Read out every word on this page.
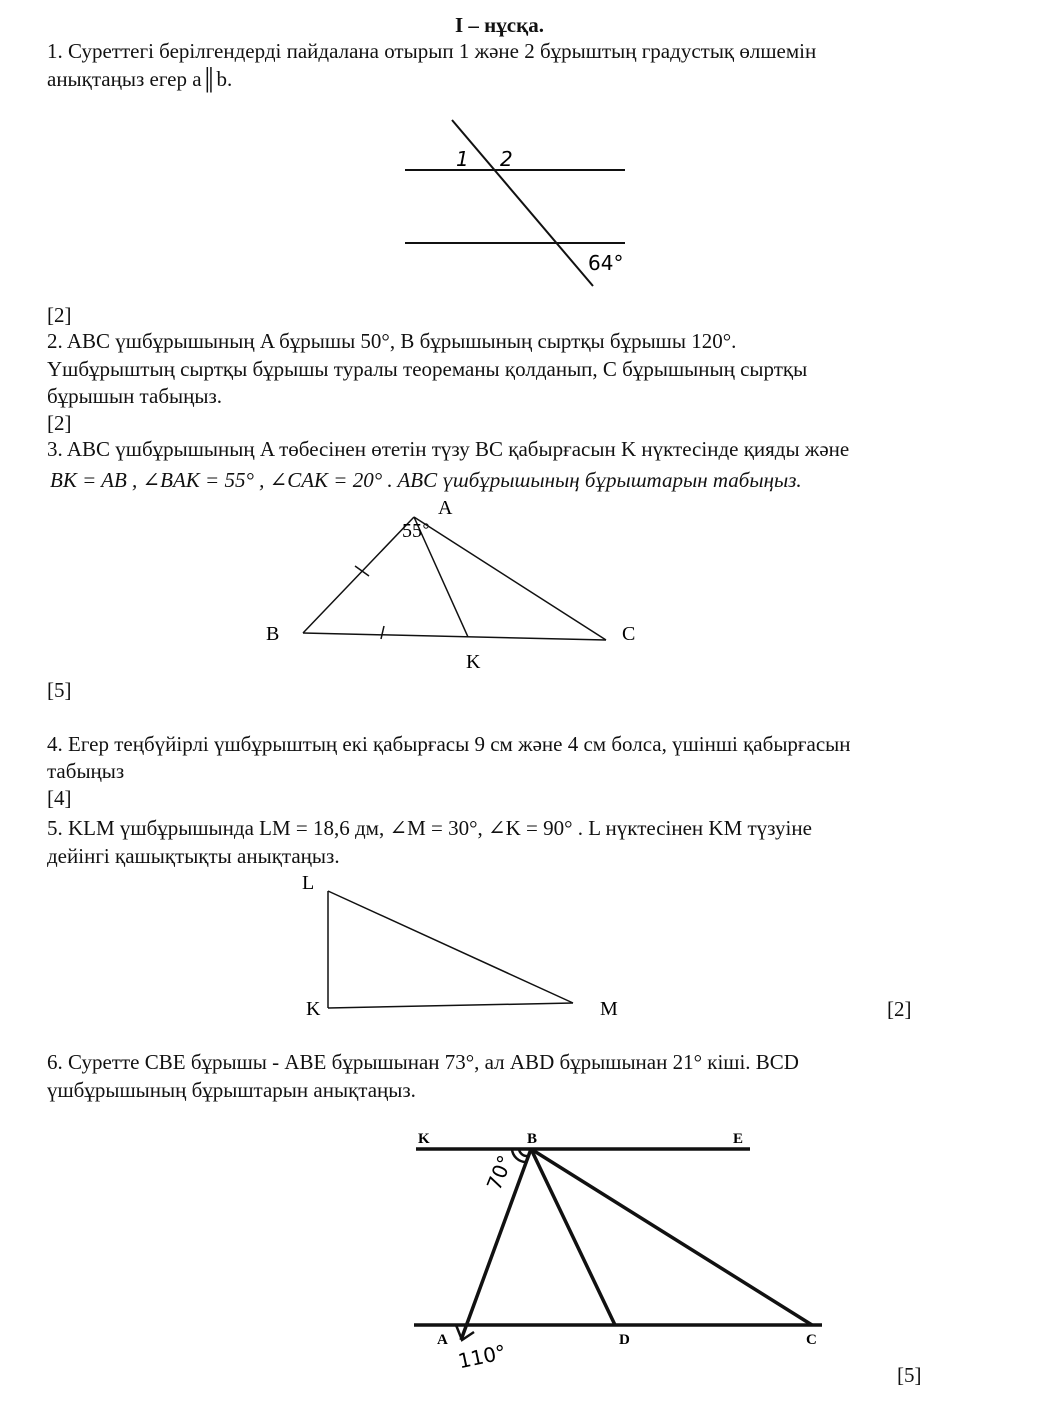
I – нұсқа.
1. Суреттегі берілгендерді пайдалана отырып 1 және 2 бұрыштың градустық өлшемін
анықтаңыз егер a║b.
1 2
64°
[2]
2. ABC үшбұрышының A бұрышы 50°, B бұрышының сыртқы бұрышы 120°.
Үшбұрыштың сыртқы бұрышы туралы теореманы қолданып, C бұрышының сыртқы
бұрышын табыңыз.
[2]
3. ABC үшбұрышының A төбесінен өтетін түзу BC қабырғасын K нүктесінде қияды және
BK = AB , ∠BAK = 55° , ∠CAK = 20° . ABC үшбұрышының бұрыштарын табыңыз.
A
B	C
K
55
[5]
4. Егер теңбүйірлі үшбұрыштың екі қабырғасы 9 см және 4 см болса, үшінші қабырғасын
табыңыз
[4]
5. KLM үшбұрышында LM = 18,6 дм, ∠M = 30°, ∠K = 90° . L нүктесінен KM түзуіне
дейінгі қашықтықты анықтаңыз.
L
K	M	[2]
6. Суретте CBE бұрышы - ABE бұрышынан 73°, ал ABD бұрышынан 21° кіші. BCD
үшбұрышының бұрыштарын анықтаңыз.
K	B	E
A	D	C
70°
110°
[5]
